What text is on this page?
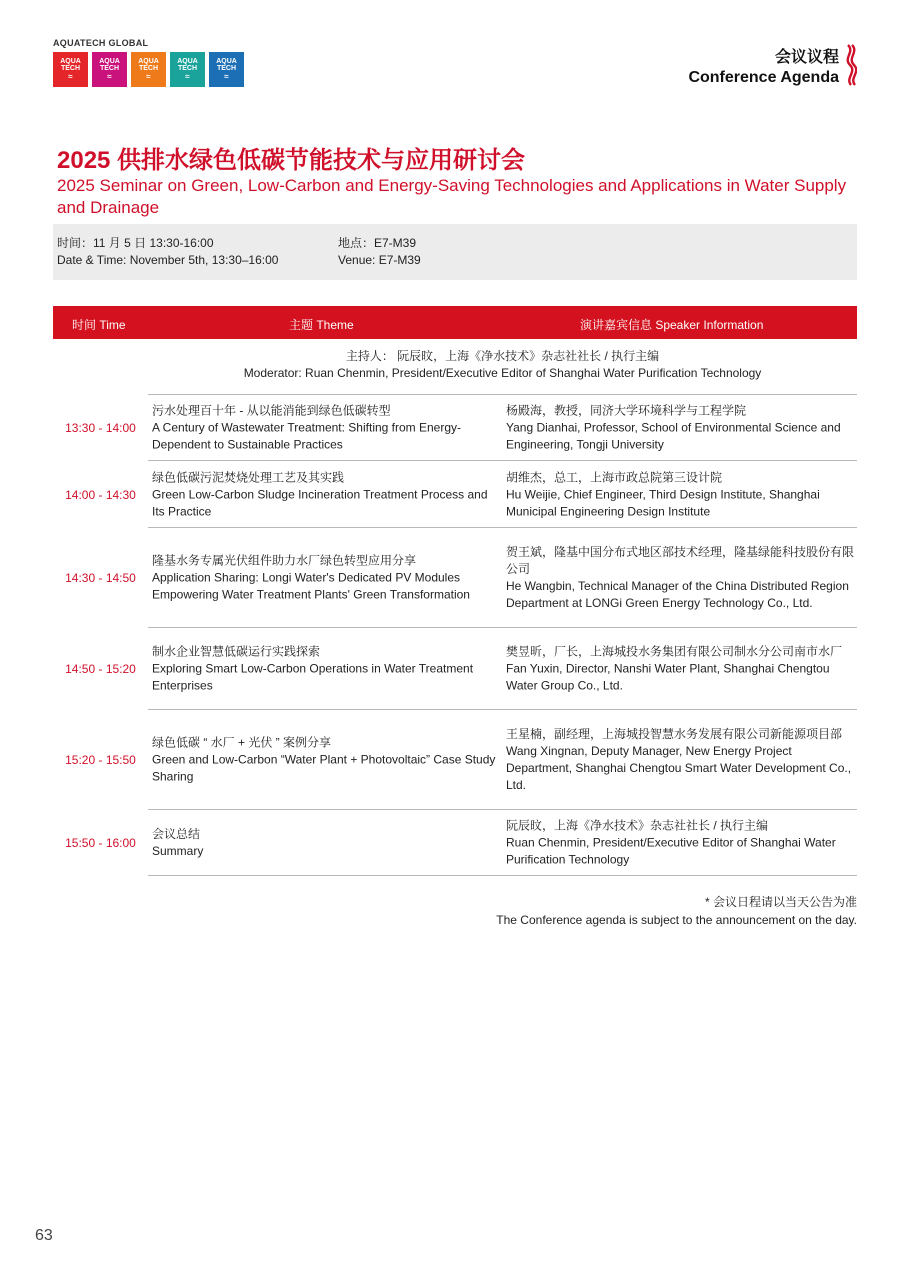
AQUATECH GLOBAL
AQUA
TECH
≈
AQUA
TECH
≈
AQUA
TECH
≈
AQUA
TECH
≈
AQUA
TECH
≈
会议议程
Conference Agenda
2025 供排水绿色低碳节能技术与应用研讨会
2025 Seminar on Green, Low-Carbon and Energy-Saving Technologies and Applications in Water Supply and Drainage
时间：11 月 5 日 13:30-16:00
Date & Time: November 5th, 13:30–16:00
地点：E7-M39
Venue: E7-M39
时间 Time	主题 Theme	演讲嘉宾信息 Speaker Information
主持人： 阮辰旼，上海《净水技术》杂志社社长 / 执行主编
Moderator: Ruan Chenmin, President/Executive Editor of Shanghai Water Purification Technology
13:30 - 14:00
污水处理百十年 - 从以能消能到绿色低碳转型
A Century of Wastewater Treatment: Shifting from Energy-Dependent to Sustainable Practices
杨殿海，教授，同济大学环境科学与工程学院
Yang Dianhai, Professor, School of Environmental Science and Engineering, Tongji University
14:00 - 14:30
绿色低碳污泥焚烧处理工艺及其实践
Green Low-Carbon Sludge Incineration Treatment Process and Its Practice
胡维杰，总工，上海市政总院第三设计院
Hu Weijie, Chief Engineer, Third Design Institute, Shanghai Municipal Engineering Design Institute
14:30 - 14:50
隆基水务专属光伏组件助力水厂绿色转型应用分享
Application Sharing: Longi Water's Dedicated PV Modules Empowering Water Treatment Plants' Green Transformation
贺王斌，隆基中国分布式地区部技术经理，隆基绿能科技股份有限公司
He Wangbin, Technical Manager of the China Distributed Region Department at LONGi Green Energy Technology Co., Ltd.
14:50 - 15:20
制水企业智慧低碳运行实践探索
Exploring Smart Low-Carbon Operations in Water Treatment Enterprises
樊昱昕，厂长，上海城投水务集团有限公司制水分公司南市水厂
Fan Yuxin, Director, Nanshi Water Plant, Shanghai Chengtou Water Group Co., Ltd.
15:20 - 15:50
绿色低碳 “ 水厂 + 光伏 ” 案例分享
Green and Low-Carbon “Water Plant + Photovoltaic” Case Study Sharing
王星楠，副经理，上海城投智慧水务发展有限公司新能源项目部
Wang Xingnan, Deputy Manager, New Energy Project Department, Shanghai Chengtou Smart Water Development Co., Ltd.
15:50 - 16:00
会议总结
Summary
阮辰旼，上海《净水技术》杂志社社长 / 执行主编
Ruan Chenmin, President/Executive Editor of Shanghai Water Purification Technology
* 会议日程请以当天公告为准
The Conference agenda is subject to the announcement on the day.
63
